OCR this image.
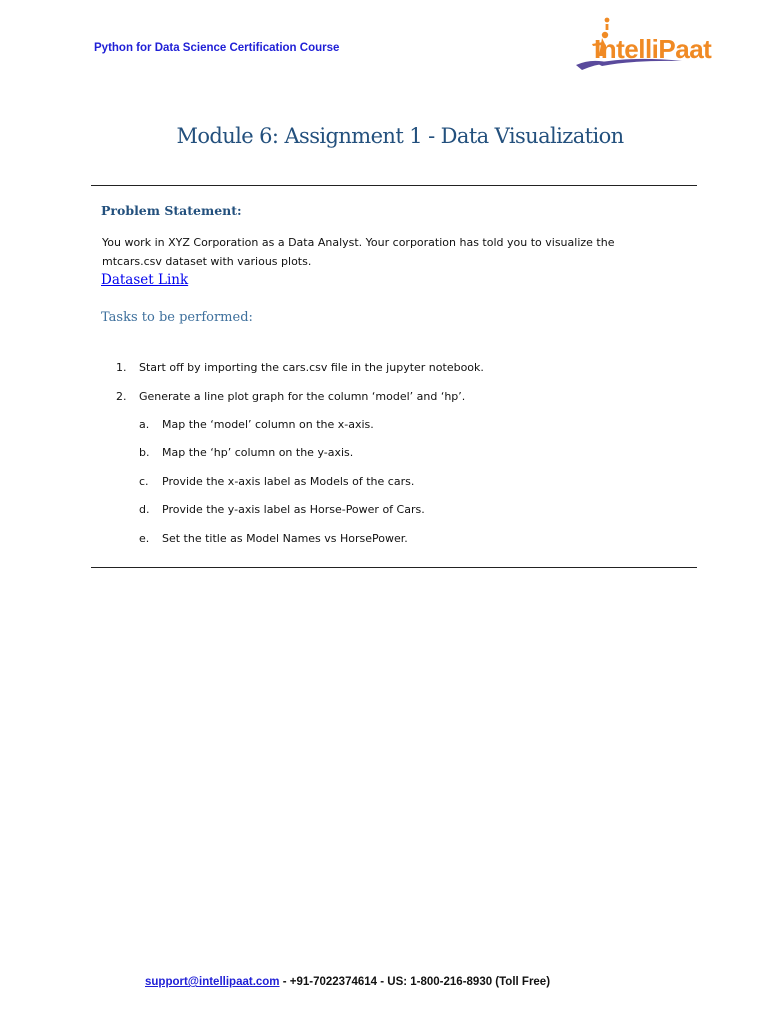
Python for Data Science Certification Course	IntelliPaat
Module 6: Assignment 1 - Data Visualization
Problem Statement:
You work in XYZ Corporation as a Data Analyst. Your corporation has told you to visualize the
mtcars.csv dataset with various plots.
Dataset Link
Tasks to be performed:
1. Start off by importing the cars.csv file in the jupyter notebook.
2. Generate a line plot graph for the column ‘model’ and ‘hp’.
a. Map the ‘model’ column on the x-axis.
b. Map the ‘hp’ column on the y-axis.
c. Provide the x-axis label as Models of the cars.
d. Provide the y-axis label as Horse-Power of Cars.
e. Set the title as Model Names vs HorsePower.
support@intellipaat.com - +91-7022374614 - US: 1-800-216-8930 (Toll Free)
